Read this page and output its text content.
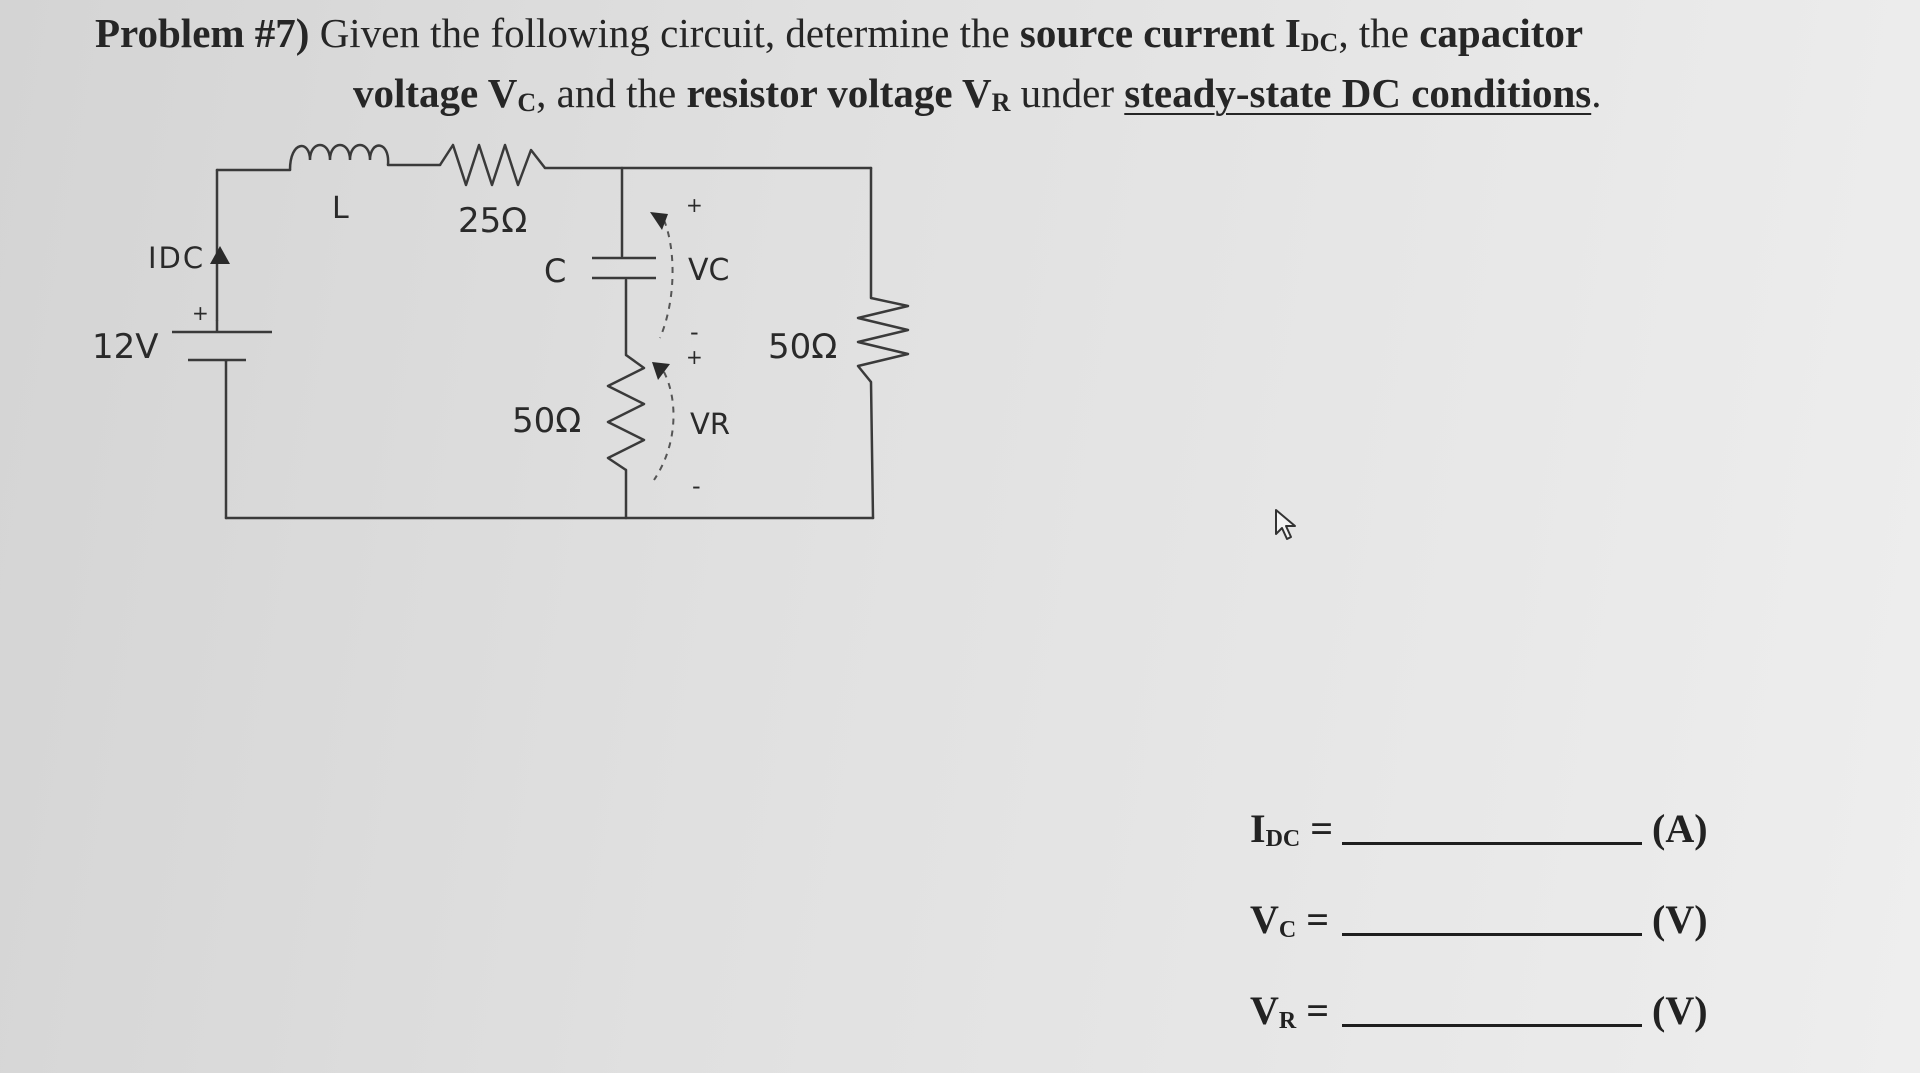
Problem #7) Given the following circuit, determine the source current $I_{DC}$, the capacitor
voltage $V_C$, and the resistor voltage $V_R$ under steady-state DC conditions.
L	25Ω
C
IDC
12V
+
+
VC
-
+
VR
-
50Ω
50Ω
$I_{DC}$ =	(A)
$V_C$ =	(V)
$V_R$ =	(V)
